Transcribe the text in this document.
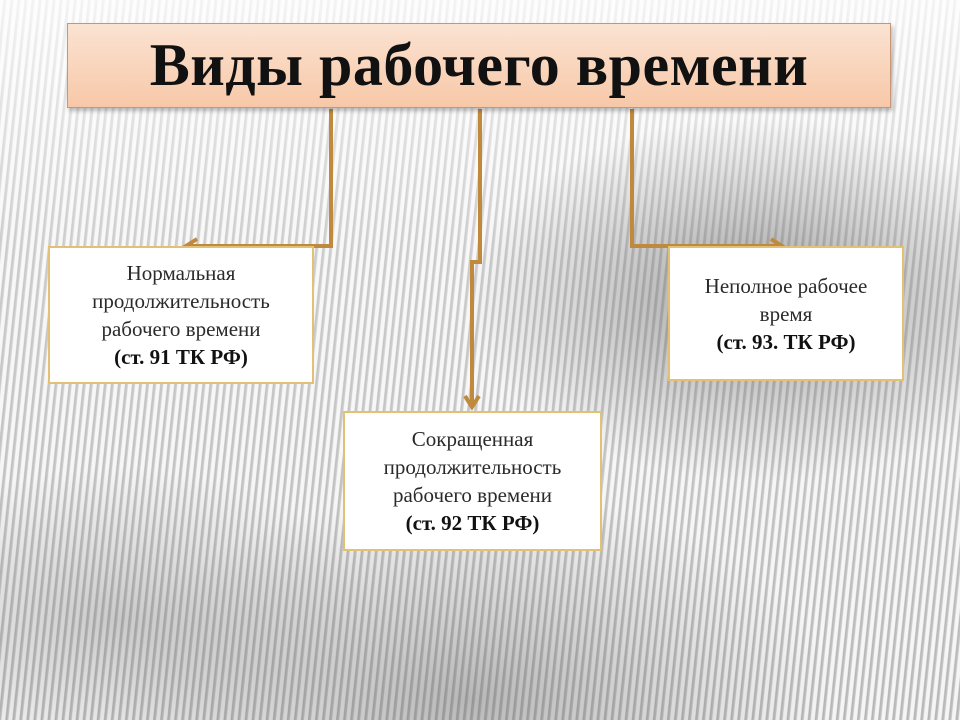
Виды рабочего времени
Нормальная
продолжительность
рабочего времени
(ст. 91 ТК РФ)
Сокращенная
продолжительность
рабочего времени
(ст. 92 ТК РФ)
Неполное рабочее
время
(ст. 93. ТК РФ)
